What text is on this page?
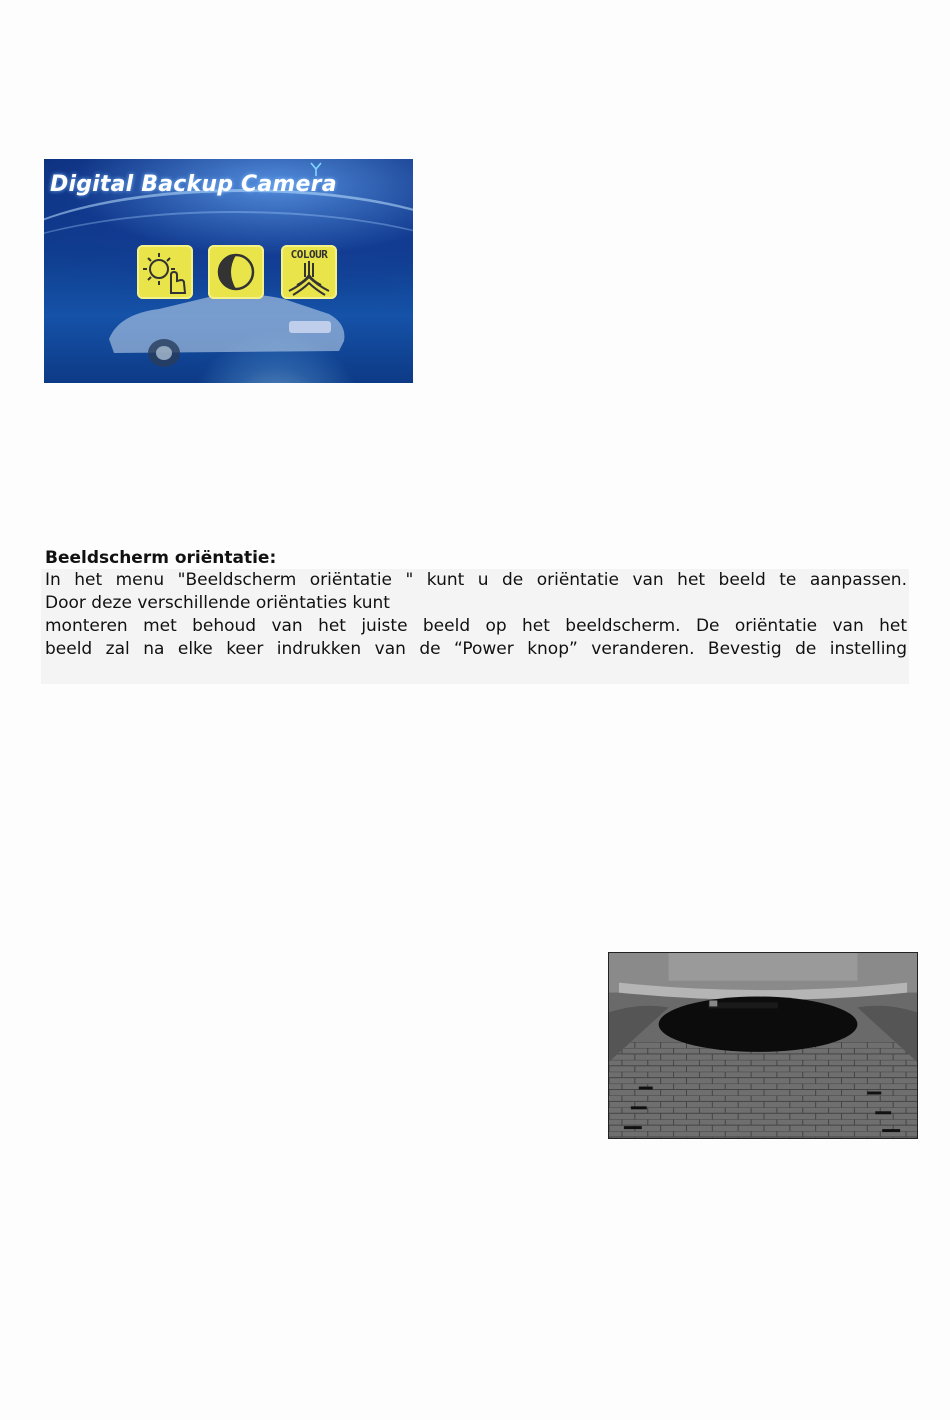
Digital Backup Camera
COLOUR
Beeldscherm oriëntatie:
In het menu "Beeldscherm oriëntatie " kunt u de oriëntatie van het beeld te aanpassen.
Door deze verschillende oriëntaties kunt
monteren met behoud van het juiste beeld op het beeldscherm. De oriëntatie van het
beeld zal na elke keer indrukken van de “Power knop” veranderen. Bevestig de instelling
